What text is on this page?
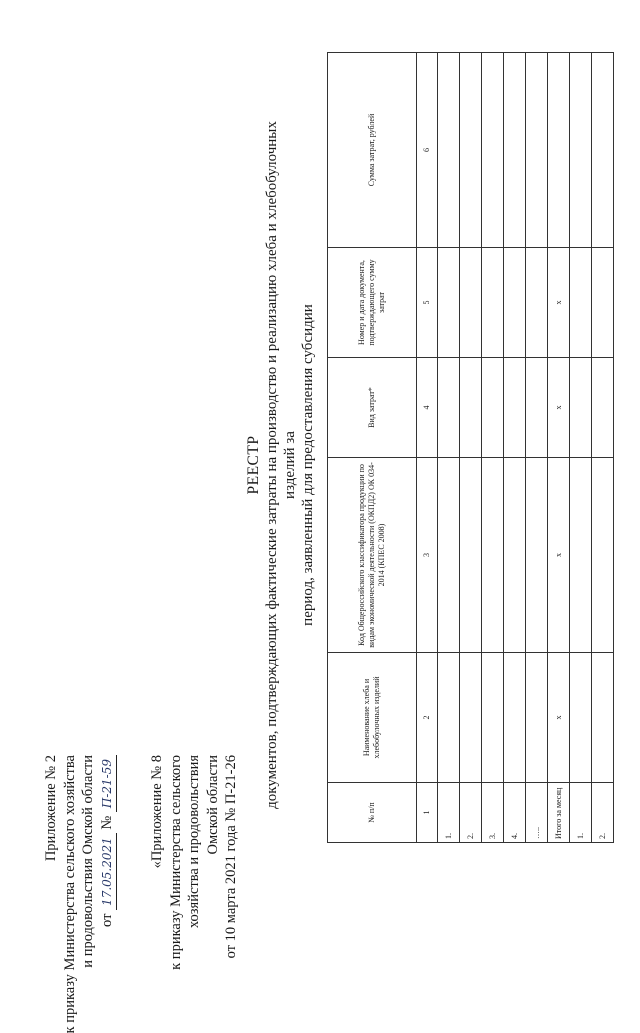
Приложение № 2 к приказу Министерства сельского хозяйства и продовольствия Омской области от 17.05.2021 № П-21-59 «Приложение № 8 к приказу Министерства сельского хозяйства и продовольствия Омской области от 10 марта 2021 года № П-21-26
РЕЕСТР документов, подтверждающих фактические затраты на производство и реализацию хлеба и хлебобулочных изделий за период, заявленный для предоставления субсидии
№ п/п	Наименование хлеба и хлебобулочных изделий	Код Общероссийского классификатора продукции по видам экономической деятельности (ОКПД2) ОК 034-2014 (КПЕС 2008)	Вид затрат*	Номер и дата документа, подтверждающего сумму затрат	Сумма затрат, рублей
1	2	3	4	5	6
1.					
2.					
3.					
4.					
…..					
Итого за месяц	x	x	x	x	
1.					
2.					
